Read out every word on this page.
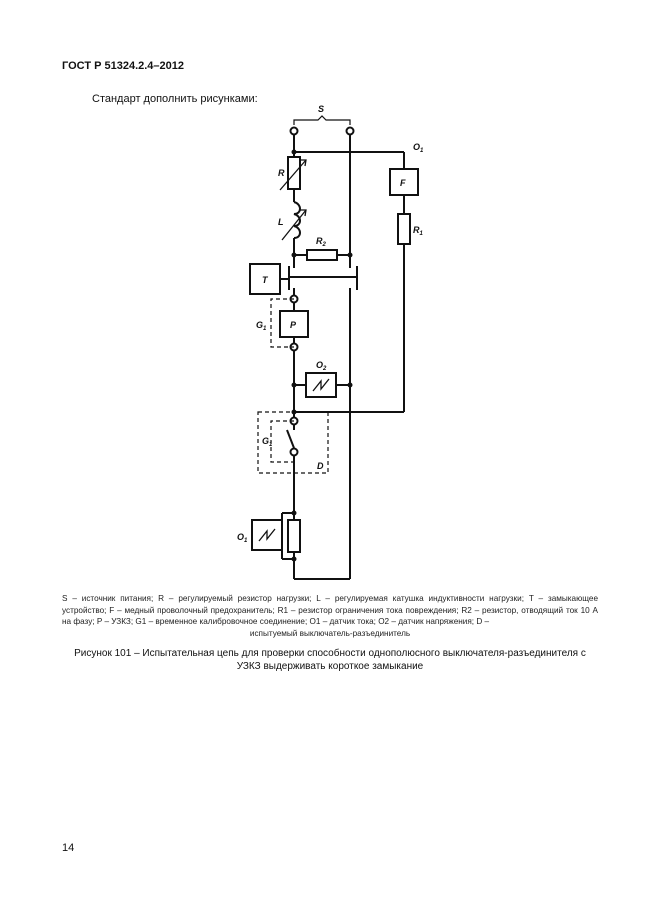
ГОСТ Р 51324.2.4–2012
Стандарт дополнить рисунками:
S
$O_1$
F
R
$R_1$
L
$R_2$
T
$G_1$	P
$O_2$
$G_1$
D
$O_1$
S – источник питания; R – регулируемый резистор нагрузки; L – регулируемая катушка индуктивности нагрузки; T – замыкающее устройство; F – медный проволочный предохранитель; R1 – резистор ограничения тока повреждения; R2 – резистор, отводящий ток 10 А на фазу; P – УЗКЗ; G1 – временное калибровочное соединение; O1 – датчик тока; O2 – датчик напряжения; D –
испытуемый выключатель-разъединитель
Рисунок 101 – Испытательная цепь для проверки способности однополюсного выключателя-разъединителя с
УЗКЗ выдерживать короткое замыкание
14
